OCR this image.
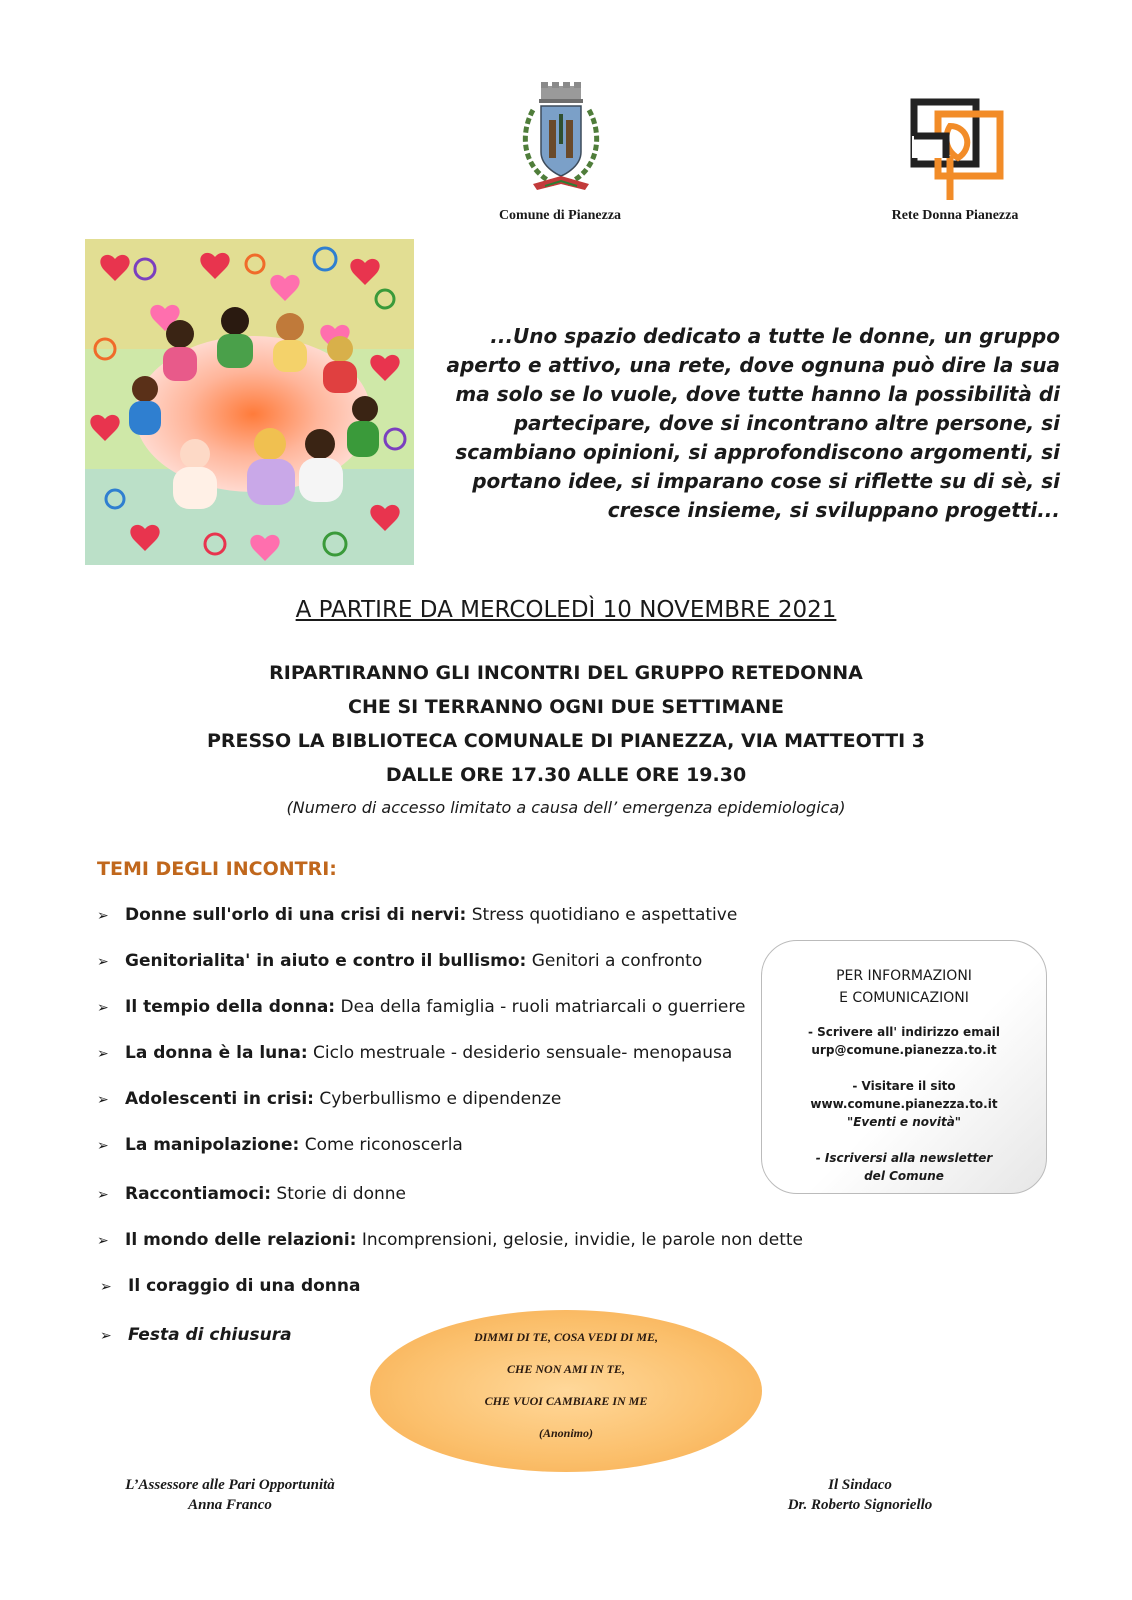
Comune di Pianezza	Rete Donna Pianezza
...Uno spazio dedicato a tutte le donne, un gruppo aperto e attivo, una rete, dove ognuna può dire la sua ma solo se lo vuole, dove tutte hanno la possibilità di partecipare, dove si incontrano altre persone, si scambiano opinioni, si approfondiscono argomenti, si portano idee, si imparano cose si riflette su di sè, si cresce insieme, si sviluppano progetti...
A PARTIRE DA MERCOLEDÌ 10 NOVEMBRE 2021
RIPARTIRANNO GLI INCONTRI DEL GRUPPO RETEDONNA
CHE SI TERRANNO OGNI DUE SETTIMANE
PRESSO LA BIBLIOTECA COMUNALE DI PIANEZZA, VIA MATTEOTTI 3
DALLE ORE 17.30 ALLE ORE 19.30
(Numero di accesso limitato a causa dell’ emergenza epidemiologica)
TEMI DEGLI INCONTRI:
➢ Donne sull'orlo di una crisi di nervi: Stress quotidiano e aspettative
➢ Genitorialita' in aiuto e contro il bullismo: Genitori a confronto
➢ Il tempio della donna: Dea della famiglia - ruoli matriarcali o guerriere
➢ La donna è la luna: Ciclo mestruale - desiderio sensuale- menopausa
➢ Adolescenti in crisi: Cyberbullismo e dipendenze
➢ La manipolazione: Come riconoscerla
➢ Raccontiamoci: Storie di donne
➢ Il mondo delle relazioni: Incomprensioni, gelosie, invidie, le parole non dette
➢ Il coraggio di una donna
➢ Festa di chiusura
PER INFORMAZIONI
E COMUNICAZIONI
- Scrivere all' indirizzo email
urp@comune.pianezza.to.it
- Visitare il sito www.comune.pianezza.to.it
"Eventi e novità"
- Iscriversi alla newsletter
del Comune
DIMMI DI TE, COSA VEDI DI ME,
CHE NON AMI IN TE,
CHE VUOI CAMBIARE IN ME
(Anonimo)
L’Assessore alle Pari Opportunità
Anna Franco
Il Sindaco
Dr. Roberto Signoriello
